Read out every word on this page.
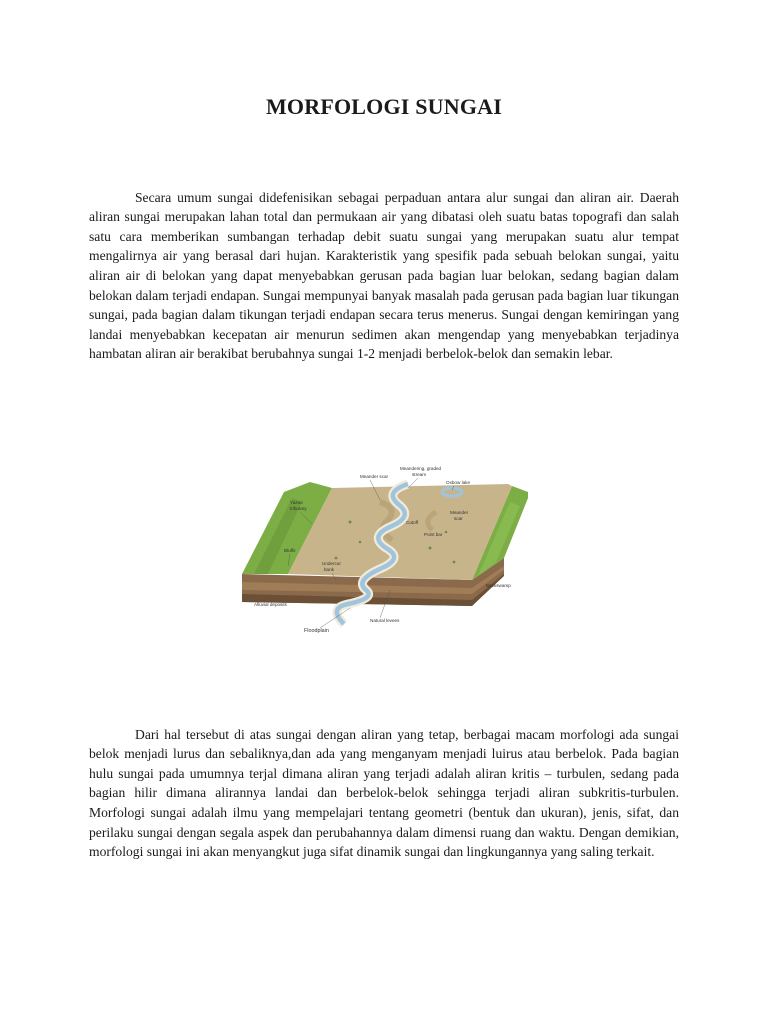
MORFOLOGI SUNGAI

Secara umum sungai didefenisikan sebagai perpaduan antara alur sungai dan aliran air. Daerah aliran sungai merupakan lahan total dan permukaan air yang dibatasi oleh suatu batas topografi dan salah satu cara memberikan sumbangan terhadap debit suatu sungai yang merupakan suatu alur tempat mengalirnya air yang berasal dari hujan. Karakteristik yang spesifik pada sebuah belokan sungai, yaitu aliran air di belokan yang dapat menyebabkan gerusan pada bagian luar belokan, sedang bagian dalam belokan dalam terjadi endapan. Sungai mempunyai banyak masalah pada gerusan pada bagian luar tikungan sungai, pada bagian dalam tikungan terjadi endapan secara terus menerus. Sungai dengan kemiringan yang landai menyebabkan kecepatan air menurun sedimen akan mengendap yang menyebabkan terjadinya hambatan aliran air berakibat berubahnya sungai 1-2 menjadi berbelok-belok dan semakin lebar.

Meander scar
Meandering, graded
stream
Oxbow lake
Yazoo
tributary
Meander
scar
Cutoff
Point bar
Bluffs
Undercut
bank
Backswamp
Alluvial deposits
Natural levees
Floodplain

Dari hal tersebut di atas sungai dengan aliran yang tetap, berbagai macam morfologi ada sungai belok menjadi lurus dan sebaliknya,dan ada yang menganyam menjadi luirus atau berbelok. Pada bagian hulu sungai pada umumnya terjal dimana aliran yang terjadi adalah aliran kritis – turbulen, sedang pada bagian hilir dimana alirannya landai dan berbelok-belok sehingga terjadi aliran subkritis-turbulen. Morfologi sungai adalah ilmu yang mempelajari tentang geometri (bentuk dan ukuran), jenis, sifat, dan perilaku sungai dengan segala aspek dan perubahannya dalam dimensi ruang dan waktu. Dengan demikian, morfologi sungai ini akan menyangkut juga sifat dinamik sungai dan lingkungannya yang saling terkait.
